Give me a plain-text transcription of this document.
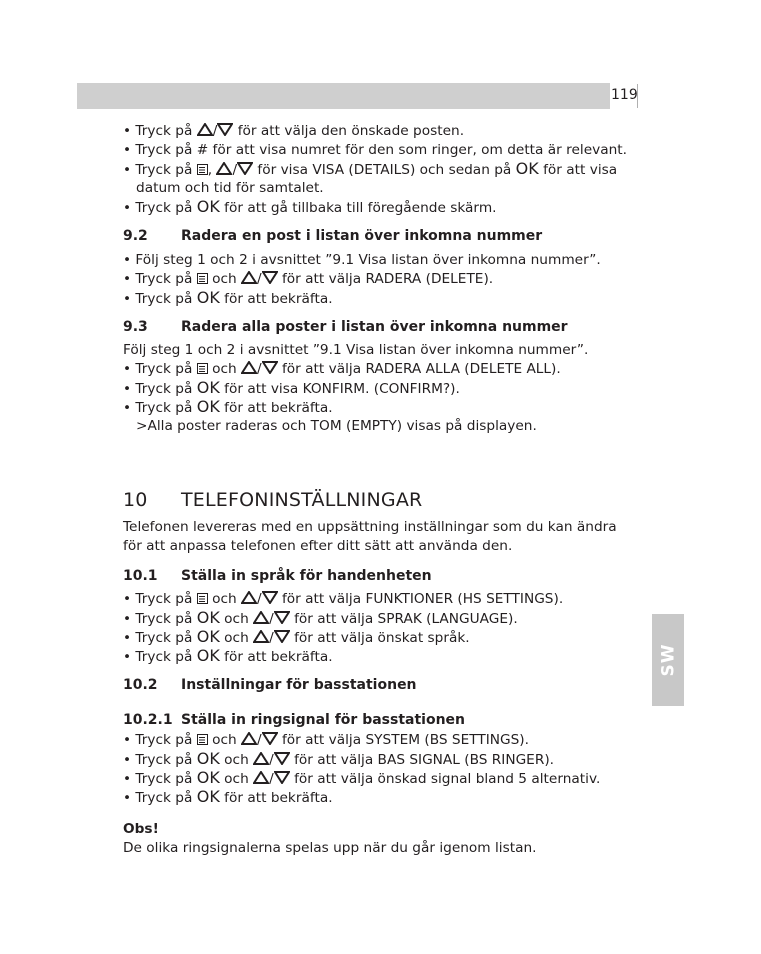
119
SW
• Tryck på / för att välja den önskade posten.
• Tryck på # för att visa numret för den som ringer, om detta är relevant.
• Tryck på , / för visa VISA (DETAILS) och sedan på OK för att visa
datum och tid för samtalet.
• Tryck på OK för att gå tillbaka till föregående skärm.
9.2 Radera en post i listan över inkomna nummer
• Följ steg 1 och 2 i avsnittet ”9.1 Visa listan över inkomna nummer”.
• Tryck på  och / för att välja RADERA (DELETE).
• Tryck på OK för att bekräfta.
9.3 Radera alla poster i listan över inkomna nummer
Följ steg 1 och 2 i avsnittet ”9.1 Visa listan över inkomna nummer”.
• Tryck på  och / för att välja RADERA ALLA (DELETE ALL).
• Tryck på OK för att visa KONFIRM. (CONFIRM?).
• Tryck på OK för att bekräfta.
>Alla poster raderas och TOM (EMPTY) visas på displayen.
10 TELEFONINSTÄLLNINGAR
Telefonen levereras med en uppsättning inställningar som du kan ändra
för att anpassa telefonen efter ditt sätt att använda den.
10.1 Ställa in språk för handenheten
• Tryck på  och / för att välja FUNKTIONER (HS SETTINGS).
• Tryck på OK och / för att välja SPRAK (LANGUAGE).
• Tryck på OK och / för att välja önskat språk.
• Tryck på OK för att bekräfta.
10.2 Inställningar för basstationen
10.2.1 Ställa in ringsignal för basstationen
• Tryck på  och / för att välja SYSTEM (BS SETTINGS).
• Tryck på OK och / för att välja BAS SIGNAL (BS RINGER).
• Tryck på OK och / för att välja önskad signal bland 5 alternativ.
• Tryck på OK för att bekräfta.
Obs!
De olika ringsignalerna spelas upp när du går igenom listan.
